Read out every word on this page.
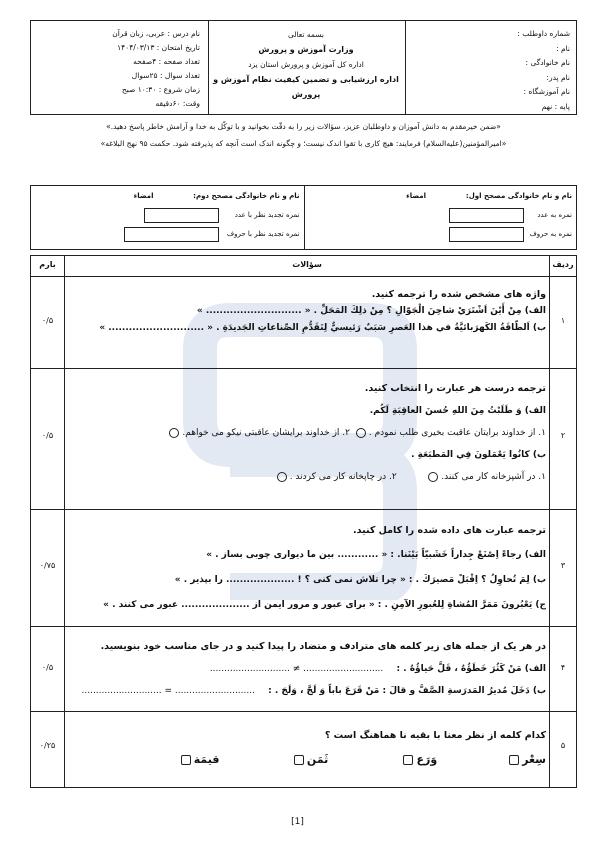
شماره داوطلب :
نام :
نام خانوادگی :
نام پدر:
نام آموزشگاه :
پایه : نهم
بسمه تعالی
وزارت آموزش و پرورش
اداره کل آموزش و پرورش استان یزد
اداره ارزشیابی و تضمین کیفیت نظام آموزش و پرورش
نام درس : عربی، زبان قرآن
تاریخ امتحان : ۱۴۰۴/۰۳/۱۳
تعداد صفحه : ۴صفحه
تعداد سوال : ۲۵سوال
زمان شروع : ۱۰:۳۰ صبح
وقت: ۶۰دقیقه
«ضمن خیرمقدم به دانش آموزان و داوطلبان عزیز، سؤالات زیر را به دقّت بخوانید و با توکّل به خدا و آرامش خاطر پاسخ دهید.»
«امیرالمؤمنین(علیه‌السلام) فرمایند: هیچ کاری با تقوا اندک نیست؛ و چگونه اندک است آنچه که پذیرفته شود. حکمت ۹۵ نهج البلاغه»
نام و نام خانوادگی مصحح اول:
امضاء
نمره به عدد
نمره به حروف
نام و نام خانوادگی مصحح دوم:
امضاء
نمره تجدید نظر با عدد
نمره تجدید نظر با حروف
ردیف
سؤالات
بارم
۱
۰/۵
واژه های مشخص شده را ترجمه کنید.
الف) مِنْ أَيْنَ اَشْتَرَيْ شاحِنَ الْجَوّالِ ؟ مِنْ ذلِكَ المَحَلِّ . « ............................ »
ب) اَلطّاقَةُ الكَهرَبائيَّةُ في هذا العَصرِ سَبَبٌ رَئيسيٌّ لِتَقَدُّمِ الصِّناعاتِ الجَديدَةِ . « ............................ »
۲
۰/۵
ترجمه درست هر عبارت را انتخاب کنید.
الف) وَ طَلَبْتُ مِنَ اللهِ حُسنَ العاقِبَةِ لَكُم.
۱. از خداوند برایتان عاقبت بخیری طلب نمودم . ۲. از خداوند برایشان عاقبتی نیکو می خواهم.
ب) كانُوا يَعْمَلونَ فِي المَطبَعَةِ .
۱. در آشپزخانه کار می کنند.          ۲. در چاپخانه کار می کردند .
۳
۰/۷۵
ترجمه عبارت های داده شده را کامل کنید.
الف) رجاءً اِصْنَعْ جِداراً خَشَبيّاً بَيْنَنا. : « ............ بین ما دیواری چوبی بساز . »
ب) لِمَ تُحاوِلُ ؟ اِقْبَلْ مَصيرَكَ . : « چرا تلاش نمی کنی ؟ ! .................... را بپذیر . »
ج) يَعْبُرونَ مَمَرَّ المُشاةِ لِلعُبورِ الآمِنِ . : « برای عبور و مرور ایمن از .................... عبور می کنند . »
۴
۰/۵
در هر یک از جمله های زیر کلمه های مترادف و متضاد را پیدا کنید و در جای مناسب خود بنویسید.
الف) مَنْ كَثُرَ خَطَؤُهُ ، قَلَّ حَياؤُهُ . : ............................ ≠ ............................
ب) دَخَلَ مُديرُ المَدرَسةِ الصَّفَّ و قالَ : مَنْ قَرَعَ باباً وَ لَجَّ ، وَلَجَ . : ............................ = ............................
۵
۰/۲۵
کدام کلمه از نظر معنا با بقیه نا هماهنگ است ؟
سِعْر وَرَع ثَمَن قيمَة
[1]
